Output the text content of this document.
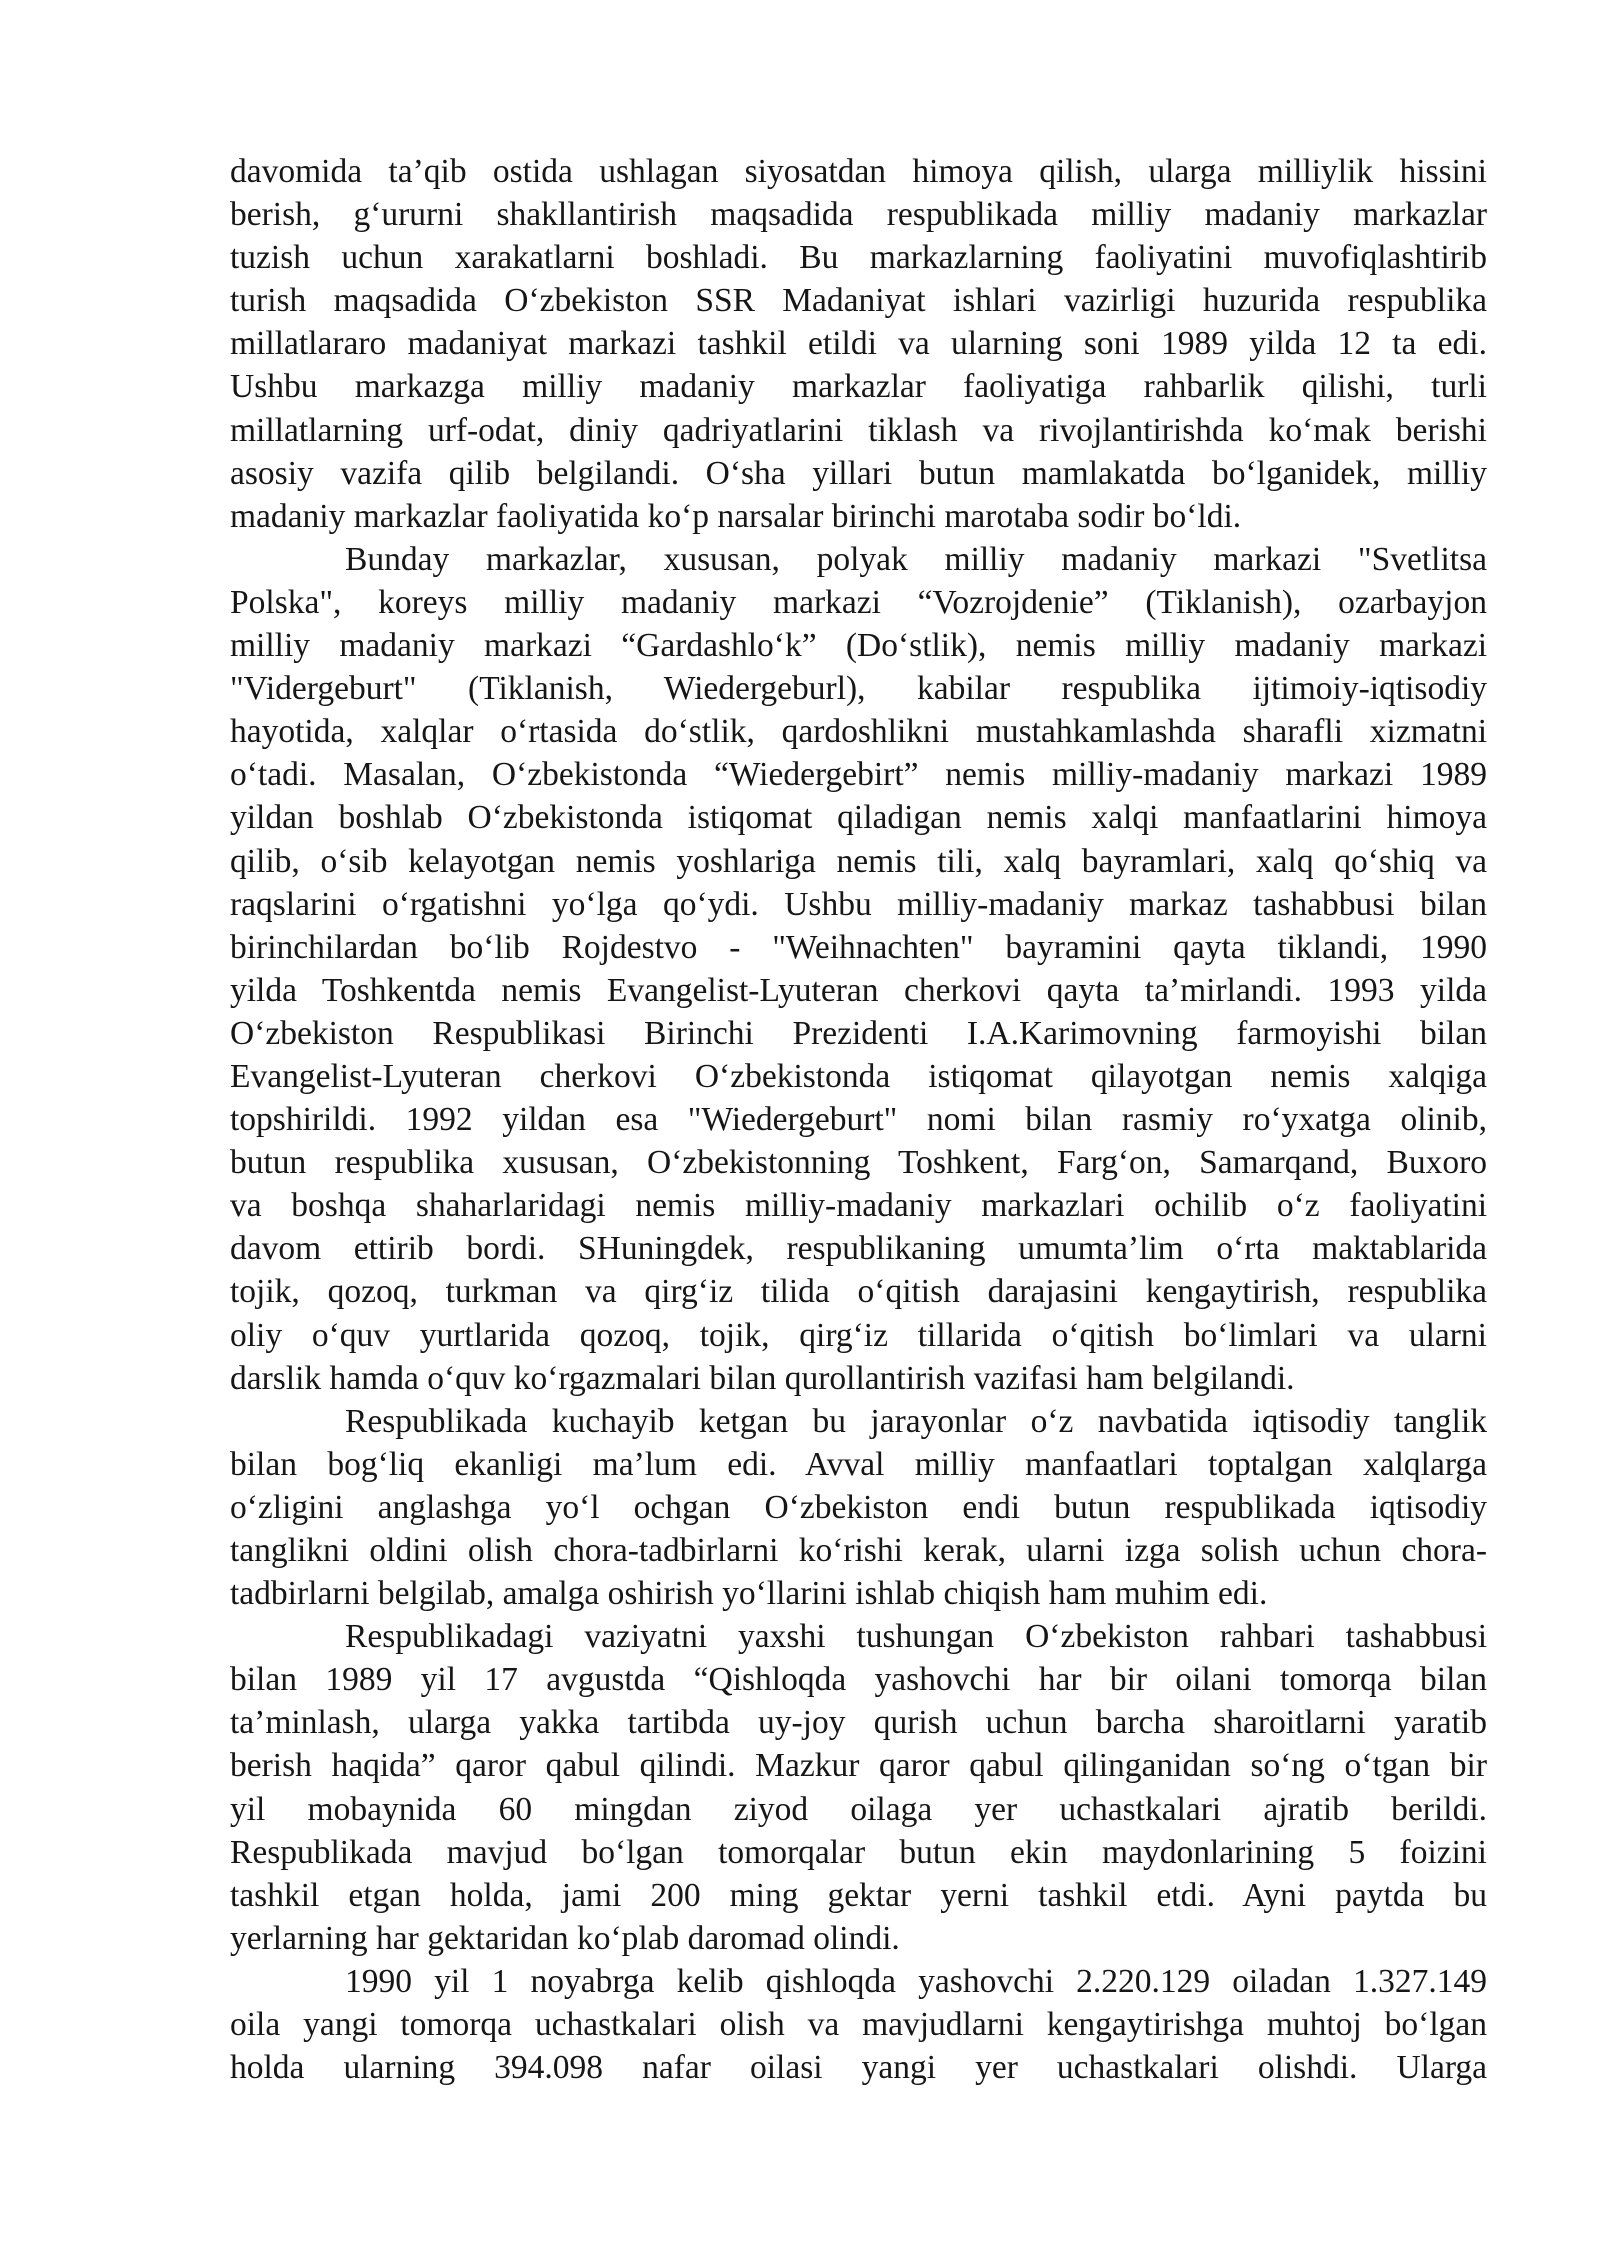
davomida ta’qib ostida ushlagan siyosatdan himoya qilish, ularga milliylik hissini
berish, g‘ururni shakllantirish maqsadida respublikada milliy madaniy markazlar
tuzish uchun xarakatlarni boshladi. Bu markazlarning faoliyatini muvofiqlashtirib
turish maqsadida O‘zbekiston SSR Madaniyat ishlari vazirligi huzurida respublika
millatlararo madaniyat markazi tashkil etildi va ularning soni 1989 yilda 12 ta edi.
Ushbu markazga milliy madaniy markazlar faoliyatiga rahbarlik qilishi, turli
millatlarning urf-odat, diniy qadriyatlarini tiklash va rivojlantirishda ko‘mak berishi
asosiy vazifa qilib belgilandi. O‘sha yillari butun mamlakatda bo‘lganidek, milliy
madaniy markazlar faoliyatida ko‘p narsalar birinchi marotaba sodir bo‘ldi.
Bunday markazlar, xususan, polyak milliy madaniy markazi "Svetlitsa
Polska", koreys milliy madaniy markazi “Vozrojdenie” (Tiklanish), ozarbayjon
milliy madaniy markazi “Gardashlo‘k” (Do‘stlik), nemis milliy madaniy markazi
"Vidergeburt" (Tiklanish, Wiedergeburl), kabilar respublika ijtimoiy-iqtisodiy
hayotida, xalqlar o‘rtasida do‘stlik, qardoshlikni mustahkamlashda sharafli xizmatni
o‘tadi. Masalan, O‘zbekistonda “Wiedergebirt” nemis milliy-madaniy markazi 1989
yildan boshlab O‘zbekistonda istiqomat qiladigan nemis xalqi manfaatlarini himoya
qilib, o‘sib kelayotgan nemis yoshlariga nemis tili, xalq bayramlari, xalq qo‘shiq va
raqslarini o‘rgatishni yo‘lga qo‘ydi. Ushbu milliy-madaniy markaz tashabbusi bilan
birinchilardan bo‘lib Rojdestvo - "Weihnachten" bayramini qayta tiklandi, 1990
yilda Toshkentda nemis Evangelist-Lyuteran cherkovi qayta ta’mirlandi. 1993 yilda
O‘zbekiston Respublikasi Birinchi Prezidenti I.A.Karimovning farmoyishi bilan
Evangelist-Lyuteran cherkovi O‘zbekistonda istiqomat qilayotgan nemis xalqiga
topshirildi. 1992 yildan esa "Wiedergeburt" nomi bilan rasmiy ro‘yxatga olinib,
butun respublika xususan, O‘zbekistonning Toshkent, Farg‘on, Samarqand, Buxoro
va boshqa shaharlaridagi nemis milliy-madaniy markazlari ochilib o‘z faoliyatini
davom ettirib bordi. SHuningdek, respublikaning umumta’lim o‘rta maktablarida
tojik, qozoq, turkman va qirg‘iz tilida o‘qitish darajasini kengaytirish, respublika
oliy o‘quv yurtlarida qozoq, tojik, qirg‘iz tillarida o‘qitish bo‘limlari va ularni
darslik hamda o‘quv ko‘rgazmalari bilan qurollantirish vazifasi ham belgilandi.
Respublikada kuchayib ketgan bu jarayonlar o‘z navbatida iqtisodiy tanglik
bilan bog‘liq ekanligi ma’lum edi. Avval milliy manfaatlari toptalgan xalqlarga
o‘zligini anglashga yo‘l ochgan O‘zbekiston endi butun respublikada iqtisodiy
tanglikni oldini olish chora-tadbirlarni ko‘rishi kerak, ularni izga solish uchun chora-
tadbirlarni belgilab, amalga oshirish yo‘llarini ishlab chiqish ham muhim edi.
Respublikadagi vaziyatni yaxshi tushungan O‘zbekiston rahbari tashabbusi
bilan 1989 yil 17 avgustda “Qishloqda yashovchi har bir oilani tomorqa bilan
ta’minlash, ularga yakka tartibda uy-joy qurish uchun barcha sharoitlarni yaratib
berish haqida” qaror qabul qilindi. Mazkur qaror qabul qilinganidan so‘ng o‘tgan bir
yil mobaynida 60 mingdan ziyod oilaga yer uchastkalari ajratib berildi.
Respublikada mavjud bo‘lgan tomorqalar butun ekin maydonlarining 5 foizini
tashkil etgan holda, jami 200 ming gektar yerni tashkil etdi. Ayni paytda bu
yerlarning har gektaridan ko‘plab daromad olindi.
1990 yil 1 noyabrga kelib qishloqda yashovchi 2.220.129 oiladan 1.327.149
oila yangi tomorqa uchastkalari olish va mavjudlarni kengaytirishga muhtoj bo‘lgan
holda ularning 394.098 nafar oilasi yangi yer uchastkalari olishdi. Ularga
